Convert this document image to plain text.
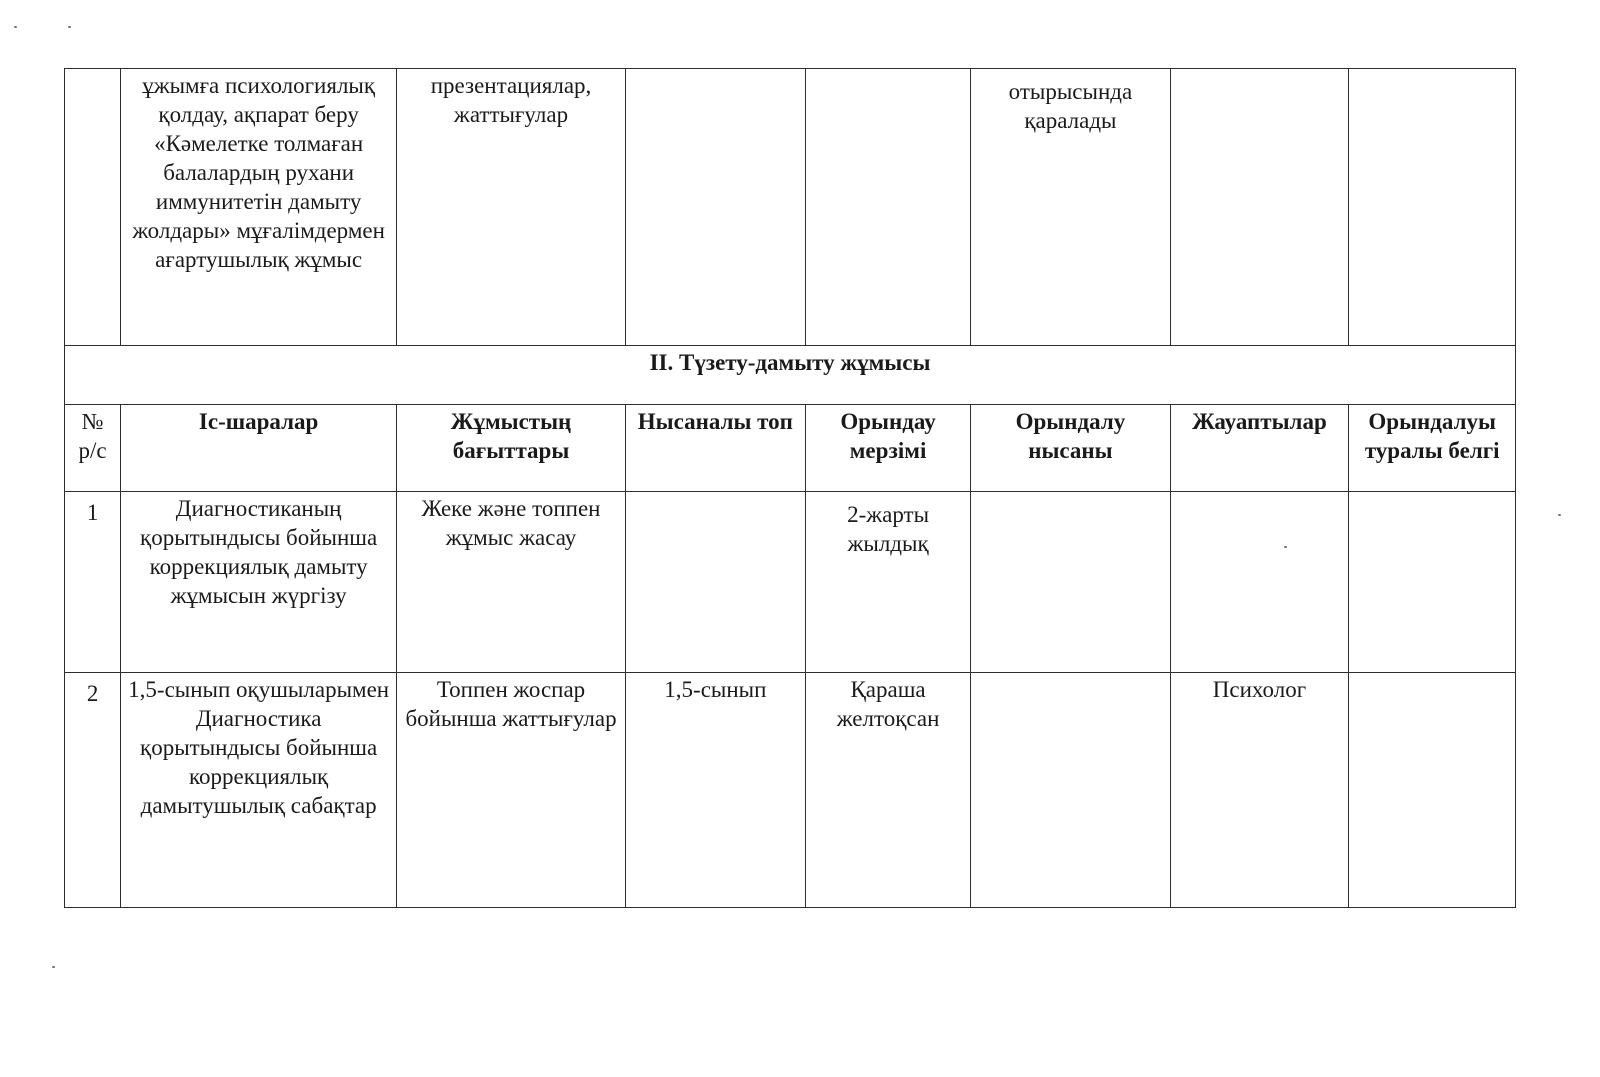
	ұжымға психологиялық қолдау, ақпарат беру «Кәмелетке толмаған балалардың рухани иммунитетін дамыту жолдары» мұғалімдермен ағартушылық жұмыс	презентациялар, жаттығулар			отырысында қаралады		
II. Түзету-дамыту жұмысы							
№ р/с	Іс-шаралар	Жұмыстың бағыттары	Нысаналы топ	Орындау мерзімі	Орындалу нысаны	Жауаптылар	Орындалуы туралы белгі
1	Диагностиканың қорытындысы бойынша коррекциялық дамыту жұмысын жүргізу	Жеке және топпен жұмыс жасау		2-жарты жылдық			
2	1,5-сынып оқушыларымен Диагностика қорытындысы бойынша коррекциялық дамытушылық сабақтар	Топпен жоспар бойынша жаттығулар	1,5-сынып	Қараша желтоқсан		Психолог	
